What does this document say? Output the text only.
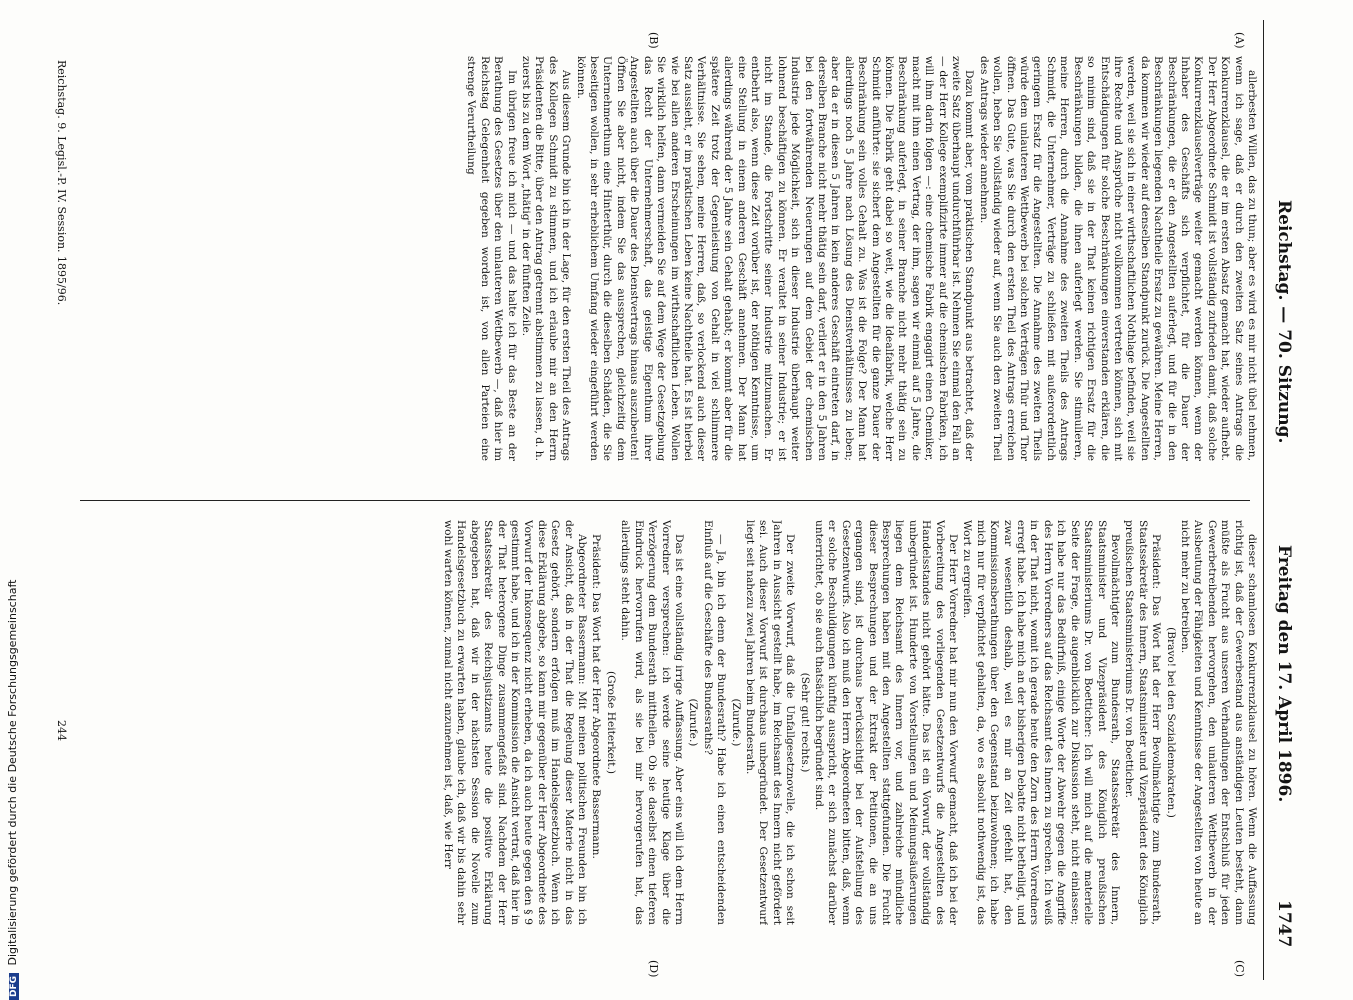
Reichstag. — 70. Sitzung.
Freitag den 17. April 1896.
1747
(A)
(B)
(C)
(D)

allerbesten Willen, das zu thun; aber es wird es mir nicht übel nehmen, wenn ich sage, daß er durch den zweiten Satz seines Antrags die Konkurrenzklausel, die er im ersten Absatz gemacht hat, wieder aufhebt. Der Herr Abgeordnete Schmidt ist vollständig zufrieden damit, daß solche Konkurrenzklauselverträge weiter gemacht werden können, wenn der Inhaber des Geschäfts sich verpflichtet, für die Dauer der Beschränkungen, die er den Angestellten auferlegt, und für die in den Beschränkungen liegenden Nachtheile Ersatz zu gewähren. Meine Herren, da kommen wir wieder auf denselben Standpunkt zurück. Die Angestellten werden, weil sie sich in einer wirthschaftlichen Nothlage befinden, weil sie ihre Rechte und Ansprüche nicht vollkommen vertreten können, sich mit Entschädigungen für solche Beschränkungen einverstanden erklären, die so minim sind, daß sie in der That keinen richtigen Ersatz für die Beschränkungen bilden, die ihnen auferlegt werden. Sie stimulieren, meine Herren, durch die Annahme des zweiten Theils des Antrags Schmidt, die Unternehmer, Verträge zu schließen mit außerordentlich geringem Ersatz für die Angestellten. Die Annahme des zweiten Theils würde dem unlauteren Wettbewerb bei solchen Verträgen Thür und Thor öffnen. Das Gute, was Sie durch den ersten Theil des Antrags erreichen wollen, heben Sie vollständig wieder auf, wenn Sie auch den zweiten Theil des Antrags wieder annehmen.

Dazu kommt aber, vom praktischen Standpunkt aus betrachtet, daß der zweite Satz überhaupt undurchführbar ist. Nehmen Sie einmal den Fall an — der Herr Kollege exemplifizirte immer auf die chemischen Fabriken, ich will ihm darin folgen —: eine chemische Fabrik engagirt einen Chemiker, macht mit ihm einen Vertrag, der ihm, sagen wir einmal auf 5 Jahre, die Beschränkung auferlegt, in seiner Branche nicht mehr thätig sein zu können. Die Fabrik geht dabei so weit, wie die Idealfabrik, welche Herr Schmidt anführte: sie sichert dem Angestellten für die ganze Dauer der Beschränkung sein volles Gehalt zu. Was ist die Folge? Der Mann hat allerdings noch 5 Jahre nach Lösung des Dienstverhältnisses zu leben; aber da er in diesen 5 Jahren in kein anderes Geschäft eintreten darf, in derselben Branche nicht mehr thätig sein darf, verliert er in den 5 Jahren bei den fortwährenden Neuerungen auf dem Gebiet der chemischen Industrie jede Möglichkeit, sich in dieser Industrie überhaupt weiter lohnend beschäftigen zu können. Er veraltet in seiner Industrie; er ist nicht im Stande, die Fortschritte seiner Industrie mitzumachen. Er entbehrt also, wenn diese Zeit vorüber ist, der nöthigen Kenntnisse, um eine Stellung in einem anderen Geschäft annehmen. Der Mann hat allerdings während der 5 Jahre sein Gehalt gehabt; er kommt aber für die spätere Zeit trotz der Gegenleistung von Gehalt in viel schlimmere Verhältnisse. Sie sehen, meine Herren, daß, so verlockend auch dieser Satz aussieht, er im praktischen Leben keine Nachtheile hat. Es ist hierbei wie bei allen anderen Erscheinungen im wirthschaftlichen Leben. Wollen Sie wirklich helfen, dann vermeiden Sie auf dem Wege der Gesetzgebung das Recht der Unternehmerschaft, das geistige Eigenthum ihrer Angestellten auch über die Dauer des Dienstvertrags hinaus auszubeuten! Öffnen Sie aber nicht, indem Sie das aussprechen, gleichzeitig dem Unternehmerthum eine Hinterthür, durch die dieselben Schäden, die Sie beseitigen wollen, in sehr erheblichem Umfang wieder eingeführt werden können.

Aus diesem Grunde bin ich in der Lage, für den ersten Theil des Antrags des Kollegen Schmidt zu stimmen, und ich erlaube mir an den Herrn Präsidenten die Bitte, über den Antrag getrennt abstimmen zu lassen, d. h. zuerst bis zu dem Wort „thätig" in der fünften Zeile.

Im übrigen freue ich mich — und das halte ich für das Beste an der Berathung des Gesetzes über den unlauteren Wettbewerb —, daß hier im Reichstag Gelegenheit gegeben worden ist, von allen Parteien eine strenge Verurtheilung

dieser schamlosen Konkurrenzklausel zu hören. Wenn die Auffassung richtig ist, daß der Gewerbestand aus anständigen Leuten besteht, dann müßte als Frucht aus unseren Verhandlungen der Entschluß für jeden Gewerbetreibenden hervorgehen, den unlauteren Wettbewerb in der Ausbeutung der Fähigkeiten und Kenntnisse der Angestellten von heute an nicht mehr zu betreiben.

(Bravo! bei den Sozialdemokraten.)

Präsident: Das Wort hat der Herr Bevollmächtigte zum Bundesrath, Staatssekretär des Innern, Staatsminister und Vizepräsident des Königlich preußischen Staatsministeriums Dr. von Boetticher.

Bevollmächtigter zum Bundesrath, Staatssekretär des Innern, Staatsminister und Vizepräsident des Königlich preußischen Staatsministeriums Dr. von Boetticher: Ich will mich auf die materielle Seite der Frage, die augenblicklich zur Diskussion steht, nicht einlassen; ich habe nur das Bedürfniß, einige Worte der Abwehr gegen die Angriffe des Herrn Vorredners auf das Reichsamt des Innern zu sprechen. Ich weiß in der That nicht, womit ich gerade heute den Zorn des Herrn Vorredners erregt habe. Ich habe mich an der bisherigen Debatte nicht betheiligt, und zwar wesentlich deshalb, weil es mir an Zeit gefehlt hat, den Kommissionsberathungen über den Gegenstand beizuwohnen; ich habe mich nur für verpflichtet gehalten, da, wo es absolut nothwendig ist, das Wort zu ergreifen.

Der Herr Vorredner hat mir nun den Vorwurf gemacht, daß ich bei der Vorbereitung des vorliegenden Gesetzentwurfs die Angestellten des Handelsstandes nicht gehört hätte. Das ist ein Vorwurf, der vollständig unbegründet ist. Hunderte von Vorstellungen und Meinungsäußerungen liegen dem Reichsamt des Innern vor, und zahlreiche mündliche Besprechungen haben mit den Angestellten stattgefunden. Die Frucht dieser Besprechungen und der Extrakt der Petitionen, die an uns ergangen sind, ist durchaus berücksichtigt bei der Aufstellung des Gesetzentwurfs. Also ich muß den Herrn Abgeordneten bitten, daß, wenn er solche Beschuldigungen künftig ausspricht, er sich zunächst darüber unterrichtet, ob sie auch thatsächlich begründet sind.

(Sehr gut! rechts.)

Der zweite Vorwurf, daß die Unfallgesetznovelle, die ich schon seit Jahren in Aussicht gestellt habe, im Reichsamt des Innern nicht gefördert sei. Auch dieser Vorwurf ist durchaus unbegründet. Der Gesetzentwurf liegt seit nahezu zwei Jahren beim Bundesrath.

(Zurufe.)

— Ja, bin ich denn der Bundesrath? Habe ich einen entscheidenden Einfluß auf die Geschäfte des Bundesraths?

(Zurufe.)

Das ist eine vollständig irrige Auffassung. Aber eins will ich dem Herrn Vorredner versprechen: ich werde seine heutige Klage über die Verzögerung dem Bundesrath mittheilen. Ob sie daselbst einen tieferen Eindruck hervorrufen wird, als sie bei mir hervorgerufen hat, das allerdings steht dahin.

(Große Heiterkeit.)

Präsident: Das Wort hat der Herr Abgeordnete Bassermann.

Abgeordneter Bassermann: Mit meinen politischen Freunden bin ich der Ansicht, daß in der That die Regelung dieser Materie nicht in das Gesetz gehört, sondern erfolgen muß im Handelsgesetzbuch. Wenn ich diese Erklärung abgebe, so kann mir gegenüber der Herr Abgeordnete des Vorwurf der Inkonsequenz nicht erheben, da ich auch heute gegen den § 9 gestimmt habe, und ich in der Kommission die Ansicht vertrat, daß hier in der That heterogene Dinge zusammengefaßt sind. Nachdem der Herr Staatssekretär des Reichsjustizamts heute die positive Erklärung abgegeben hat, daß wir in der nächsten Session die Novelle zum Handelsgesetzbuch zu erwarten haben, glaube ich, daß wir bis dahin sehr wohl warten können, zumal nicht anzunehmen ist, daß, wie Herr

244
Reichstag. 9. Legisl.-P. IV. Session. 1895/96.
DFG Digitalisierung gefördert durch die Deutsche Forschungsgemeinschaft
